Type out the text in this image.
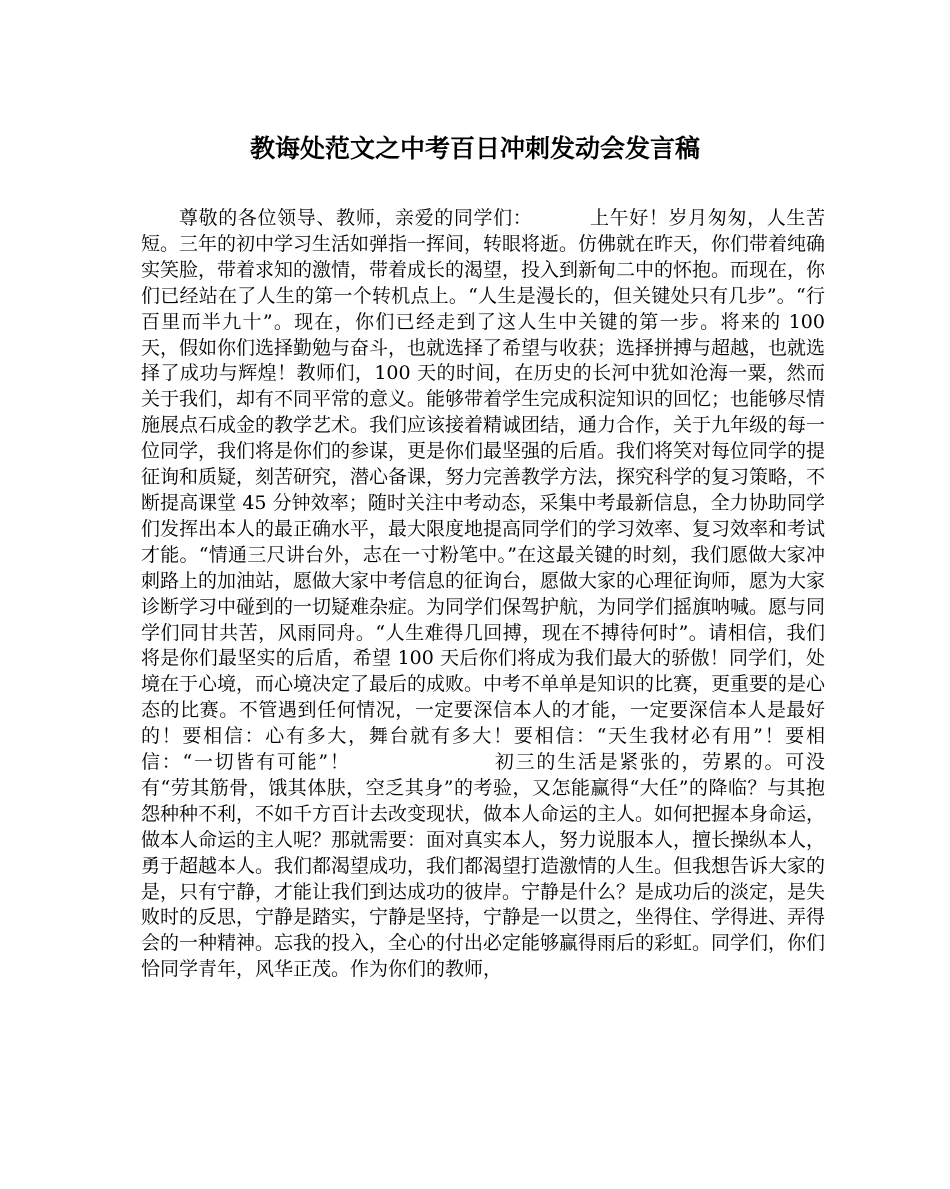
教诲处范文之中考百日冲刺发动会发言稿

尊敬的各位领导、教师，亲爱的同学们：	上午好！岁月匆匆，人生苦短。三年的初中学习生活如弹指一挥间，转眼将逝。仿佛就在昨天，你们带着纯确实笑脸，带着求知的激情，带着成长的渴望，投入到新甸二中的怀抱。而现在，你们已经站在了人生的第一个转机点上。“人生是漫长的，但关键处只有几步”。“行百里而半九十”。现在，你们已经走到了这人生中关键的第一步。将来的 100 天，假如你们选择勤勉与奋斗，也就选择了希望与收获；选择拼搏与超越，也就选择了成功与辉煌！教师们，100 天的时间，在历史的长河中犹如沧海一粟，然而关于我们，却有不同平常的意义。能够带着学生完成积淀知识的回忆；也能够尽情施展点石成金的教学艺术。我们应该接着精诚团结，通力合作，关于九年级的每一位同学，我们将是你们的参谋，更是你们最坚强的后盾。我们将笑对每位同学的提征询和质疑，刻苦研究，潜心备课，努力完善教学方法，探究科学的复习策略，不断提高课堂 45 分钟效率；随时关注中考动态，采集中考最新信息，全力协助同学们发挥出本人的最正确水平，最大限度地提高同学们的学习效率、复习效率和考试才能。“情通三尺讲台外，志在一寸粉笔中。”在这最关键的时刻，我们愿做大家冲刺路上的加油站，愿做大家中考信息的征询台，愿做大家的心理征询师，愿为大家诊断学习中碰到的一切疑难杂症。为同学们保驾护航，为同学们摇旗呐喊。愿与同学们同甘共苦，风雨同舟。“人生难得几回搏，现在不搏待何时”。请相信，我们将是你们最坚实的后盾，希望 100 天后你们将成为我们最大的骄傲！同学们，处境在于心境，而心境决定了最后的成败。中考不单单是知识的比赛，更重要的是心态的比赛。不管遇到任何情况，一定要深信本人的才能，一定要深信本人是最好的！要相信：心有多大，舞台就有多大！要相信：“天生我材必有用”！要相信：“一切皆有可能”！	初三的生活是紧张的，劳累的。可没有“劳其筋骨，饿其体肤，空乏其身”的考验，又怎能赢得“大任”的降临？与其抱怨种种不利，不如千方百计去改变现状，做本人命运的主人。如何把握本身命运，做本人命运的主人呢？那就需要：面对真实本人，努力说服本人，擅长操纵本人，勇于超越本人。我们都渴望成功，我们都渴望打造激情的人生。但我想告诉大家的是，只有宁静，才能让我们到达成功的彼岸。宁静是什么？是成功后的淡定，是失败时的反思，宁静是踏实，宁静是坚持，宁静是一以贯之，坐得住、学得进、弄得会的一种精神。忘我的投入，全心的付出必定能够赢得雨后的彩虹。同学们，你们恰同学青年，风华正茂。作为你们的教师，
